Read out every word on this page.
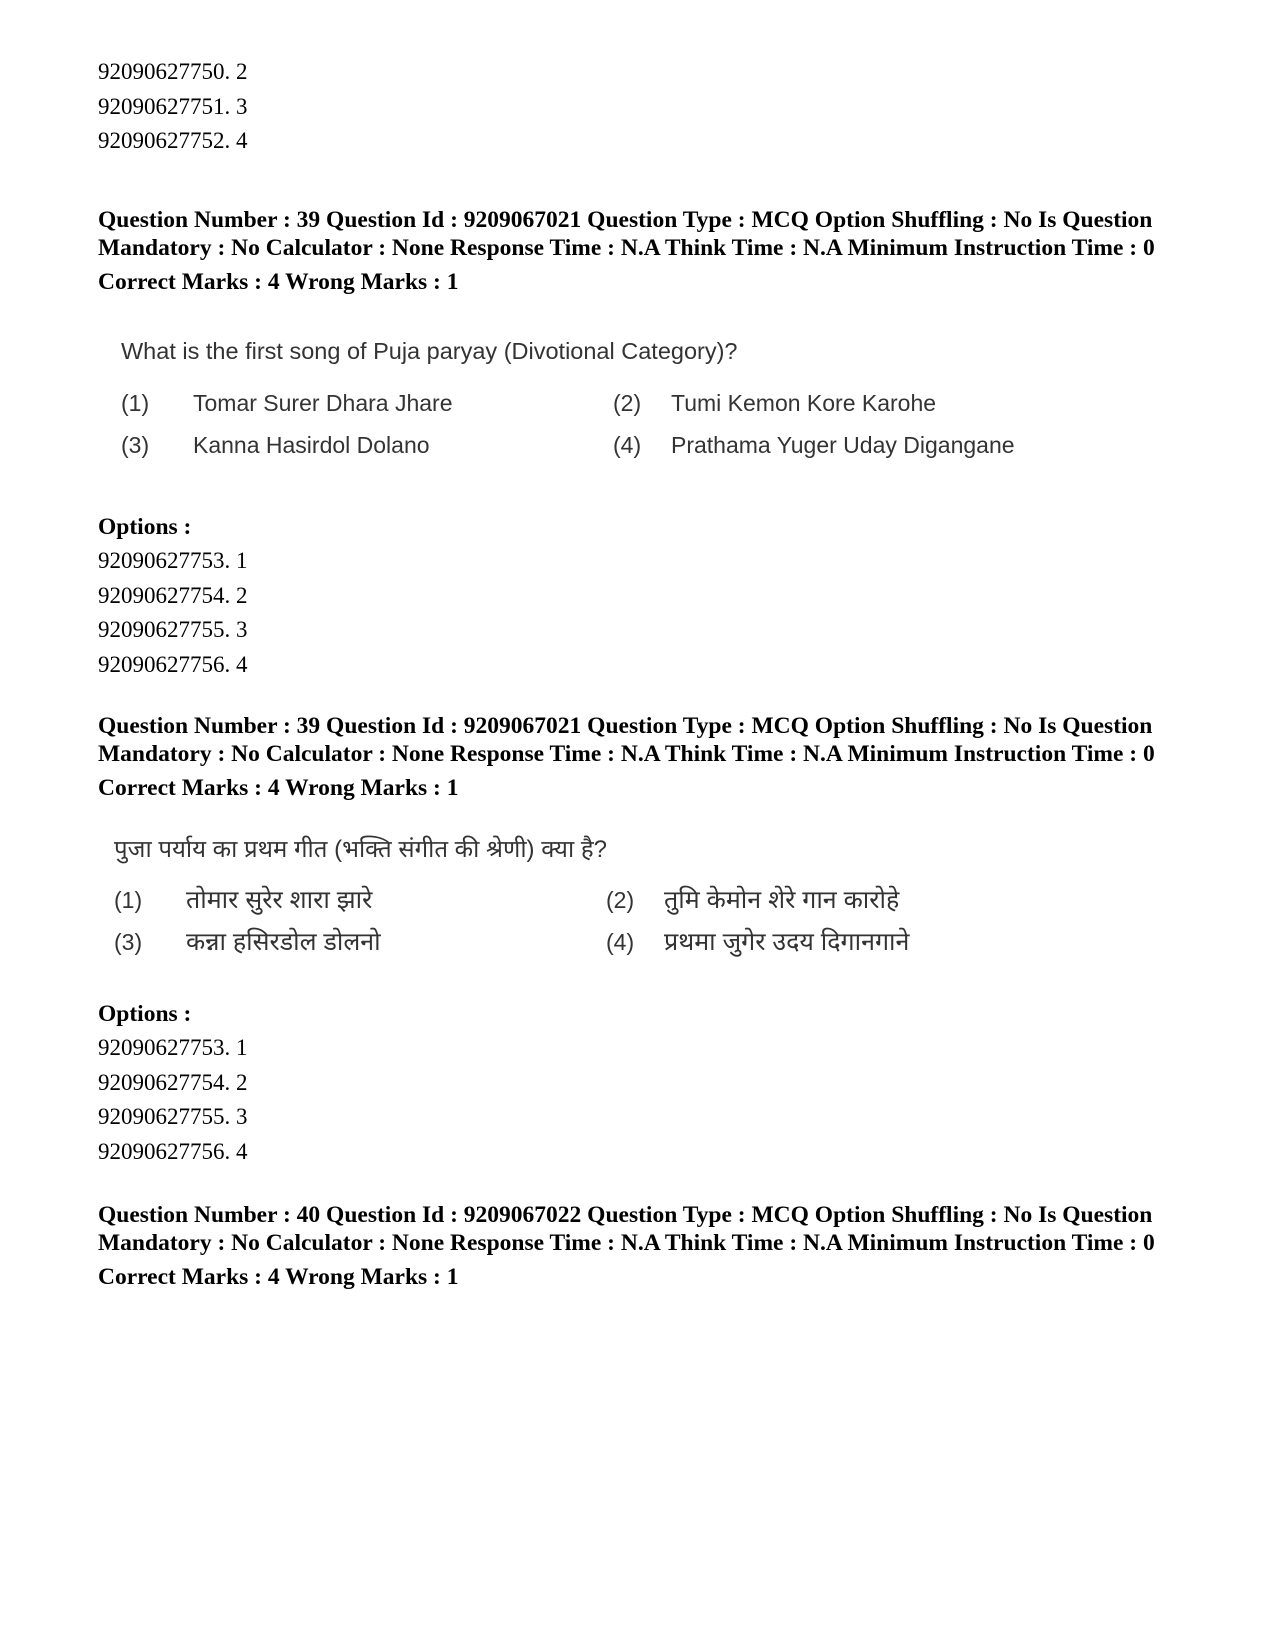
92090627750. 2
92090627751. 3
92090627752. 4
Question Number : 39 Question Id : 9209067021 Question Type : MCQ Option Shuffling : No Is Question Mandatory : No Calculator : None Response Time : N.A Think Time : N.A Minimum Instruction Time : 0
Correct Marks : 4 Wrong Marks : 1
What is the first song of Puja paryay (Divotional Category)?
(1)	Tomar Surer Dhara Jhare	(2)	Tumi Kemon Kore Karohe
(3)	Kanna Hasirdol Dolano	(4)	Prathama Yuger Uday Digangane
Options :
92090627753. 1
92090627754. 2
92090627755. 3
92090627756. 4
Question Number : 39 Question Id : 9209067021 Question Type : MCQ Option Shuffling : No Is Question Mandatory : No Calculator : None Response Time : N.A Think Time : N.A Minimum Instruction Time : 0
Correct Marks : 4 Wrong Marks : 1
पुजा पर्याय का प्रथम गीत (भक्ति संगीत की श्रेणी) क्या है?
(1)	तोमार सुरेर शारा झारे	(2)	तुमि केमोन शेरे गान कारोहे
(3)	कन्ना हसिरडोल डोलनो	(4)	प्रथमा जुगेर उदय दिगानगाने
Options :
92090627753. 1
92090627754. 2
92090627755. 3
92090627756. 4
Question Number : 40 Question Id : 9209067022 Question Type : MCQ Option Shuffling : No Is Question Mandatory : No Calculator : None Response Time : N.A Think Time : N.A Minimum Instruction Time : 0
Correct Marks : 4 Wrong Marks : 1
